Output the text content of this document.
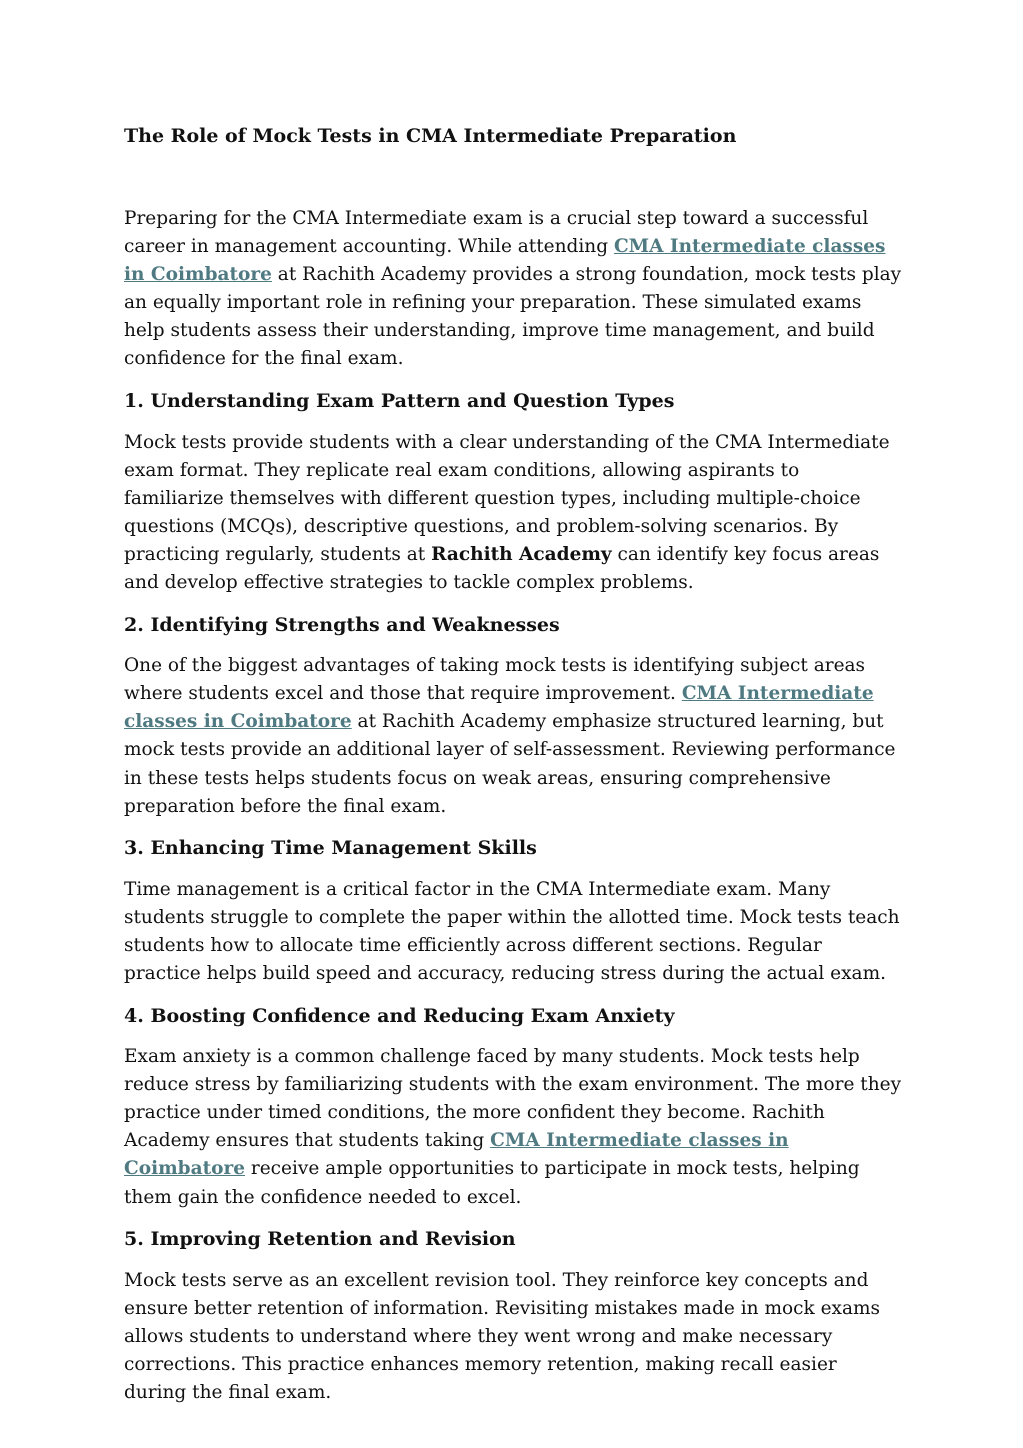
The Role of Mock Tests in CMA Intermediate Preparation

Preparing for the CMA Intermediate exam is a crucial step toward a successful career in management accounting. While attending CMA Intermediate classes in Coimbatore at Rachith Academy provides a strong foundation, mock tests play an equally important role in refining your preparation. These simulated exams help students assess their understanding, improve time management, and build confidence for the final exam.

1. Understanding Exam Pattern and Question Types

Mock tests provide students with a clear understanding of the CMA Intermediate exam format. They replicate real exam conditions, allowing aspirants to familiarize themselves with different question types, including multiple-choice questions (MCQs), descriptive questions, and problem-solving scenarios. By practicing regularly, students at Rachith Academy can identify key focus areas and develop effective strategies to tackle complex problems.

2. Identifying Strengths and Weaknesses

One of the biggest advantages of taking mock tests is identifying subject areas where students excel and those that require improvement. CMA Intermediate classes in Coimbatore at Rachith Academy emphasize structured learning, but mock tests provide an additional layer of self-assessment. Reviewing performance in these tests helps students focus on weak areas, ensuring comprehensive preparation before the final exam.

3. Enhancing Time Management Skills

Time management is a critical factor in the CMA Intermediate exam. Many students struggle to complete the paper within the allotted time. Mock tests teach students how to allocate time efficiently across different sections. Regular practice helps build speed and accuracy, reducing stress during the actual exam.

4. Boosting Confidence and Reducing Exam Anxiety

Exam anxiety is a common challenge faced by many students. Mock tests help reduce stress by familiarizing students with the exam environment. The more they practice under timed conditions, the more confident they become. Rachith Academy ensures that students taking CMA Intermediate classes in Coimbatore receive ample opportunities to participate in mock tests, helping them gain the confidence needed to excel.

5. Improving Retention and Revision

Mock tests serve as an excellent revision tool. They reinforce key concepts and ensure better retention of information. Revisiting mistakes made in mock exams allows students to understand where they went wrong and make necessary corrections. This practice enhances memory retention, making recall easier during the final exam.
